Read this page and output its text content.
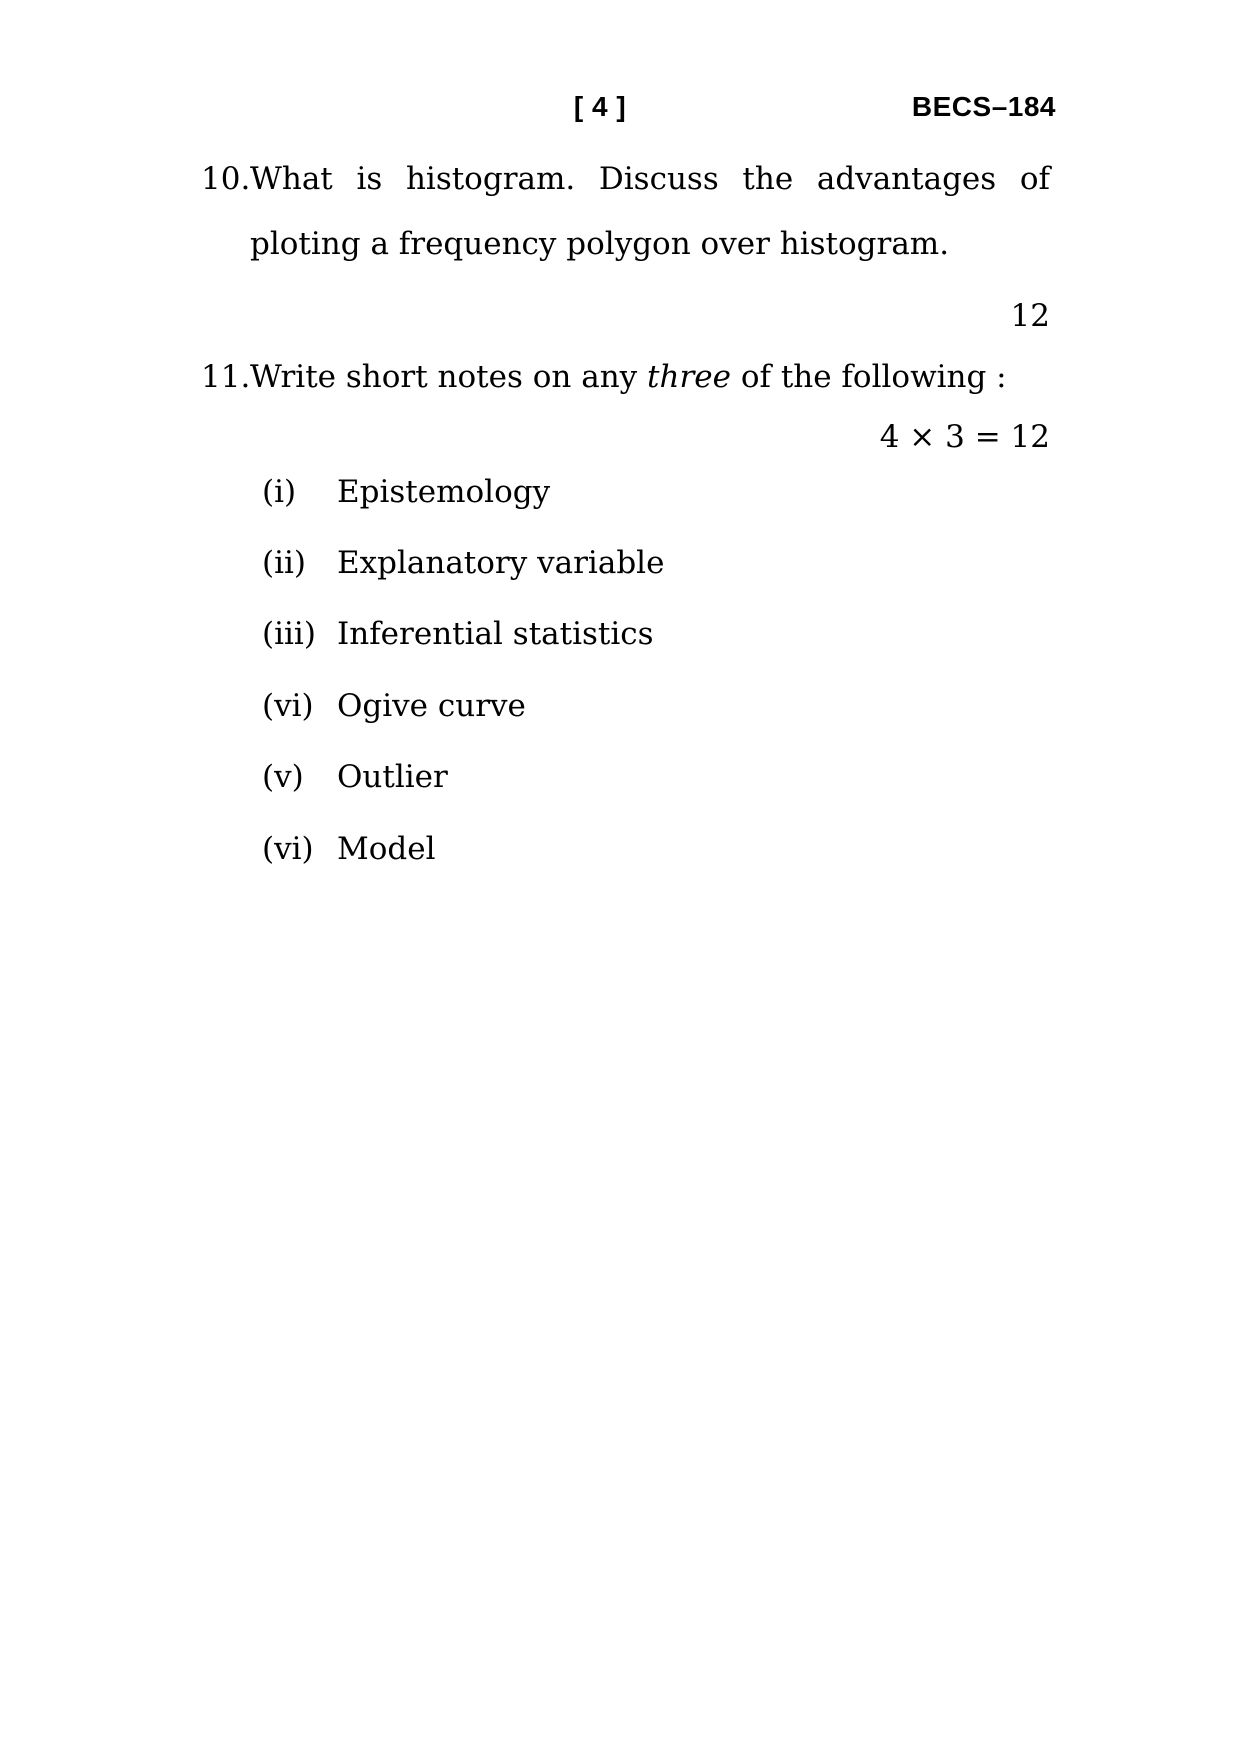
[ 4 ]	BECS–184
10. What is histogram. Discuss the advantages of
ploting a frequency polygon over histogram.
12
11. Write short notes on any three of the following :
4 × 3 = 12
(i) Epistemology
(ii) Explanatory variable
(iii) Inferential statistics
(vi) Ogive curve
(v) Outlier
(vi) Model
